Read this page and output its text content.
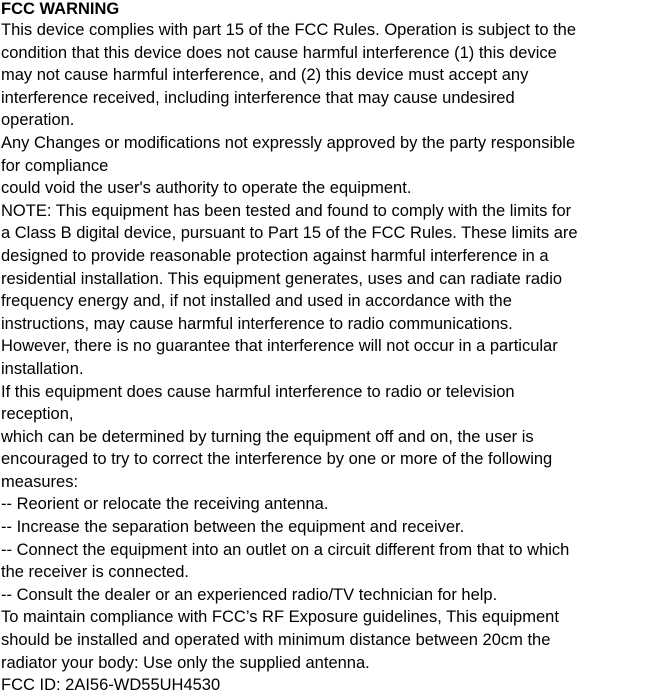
FCC WARNING
This device complies with part 15 of the FCC Rules. Operation is subject to the
condition that this device does not cause harmful interference (1) this device
may not cause harmful interference, and (2) this device must accept any
interference received, including interference that may cause undesired
operation.
Any Changes or modifications not expressly approved by the party responsible
for compliance
could void the user's authority to operate the equipment.
NOTE: This equipment has been tested and found to comply with the limits for
a Class B digital device, pursuant to Part 15 of the FCC Rules. These limits are
designed to provide reasonable protection against harmful interference in a
residential installation. This equipment generates, uses and can radiate radio
frequency energy and, if not installed and used in accordance with the
instructions, may cause harmful interference to radio communications.
However, there is no guarantee that interference will not occur in a particular
installation.
If this equipment does cause harmful interference to radio or television
reception,
which can be determined by turning the equipment off and on, the user is
encouraged to try to correct the interference by one or more of the following
measures:
-- Reorient or relocate the receiving antenna.
-- Increase the separation between the equipment and receiver.
-- Connect the equipment into an outlet on a circuit different from that to which
the receiver is connected.
-- Consult the dealer or an experienced radio/TV technician for help.
To maintain compliance with FCC’s RF Exposure guidelines, This equipment
should be installed and operated with minimum distance between 20cm the
radiator your body: Use only the supplied antenna.
FCC ID: 2AI56-WD55UH4530
